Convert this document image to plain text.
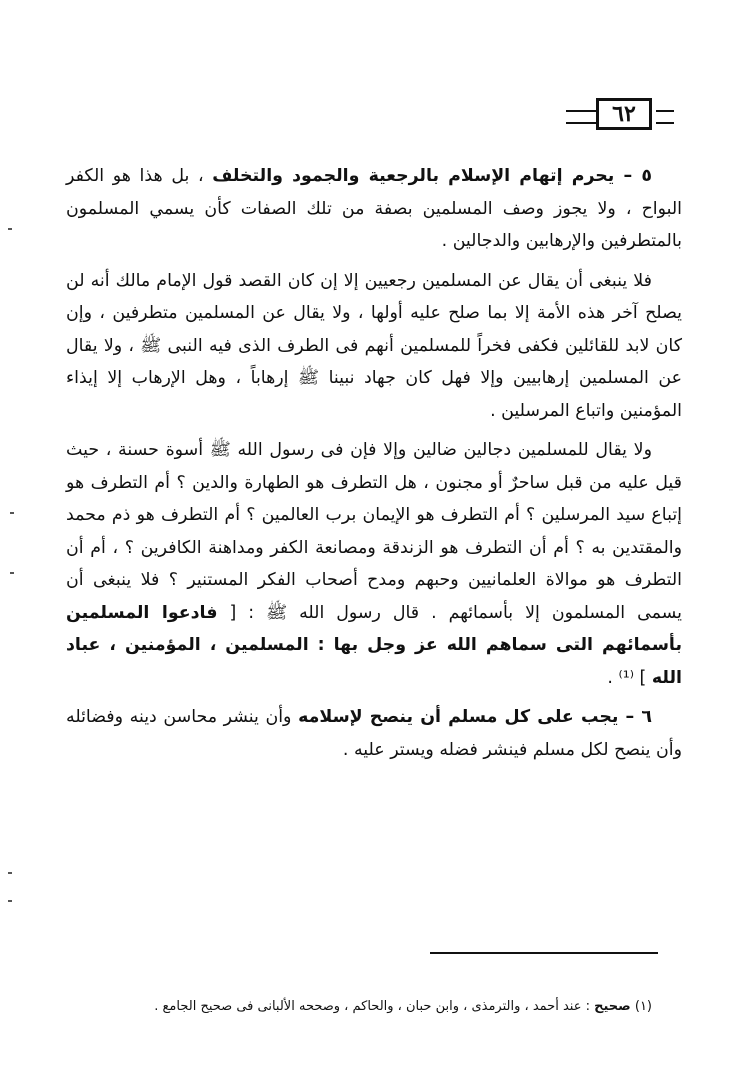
٦٢

٥ – يحرم إتهام الإسلام بالرجعية والجمود والتخلف ، بل هذا هو الكفر البواح ، ولا يجوز وصف المسلمين بصفة من تلك الصفات كأن يسمي المسلمون بالمتطرفين والإرهابين والدجالين .

فلا ينبغى أن يقال عن المسلمين رجعيين إلا إن كان القصد قول الإمام مالك أنه لن يصلح آخر هذه الأمة إلا بما صلح عليه أولها ، ولا يقال عن المسلمين متطرفين ، وإن كان لابد للقائلين فكفى فخراً للمسلمين أنهم فى الطرف الذى فيه النبى ﷺ ، ولا يقال عن المسلمين إرهابيين وإلا فهل كان جهاد نبينا ﷺ إرهاباً ، وهل الإرهاب إلا إيذاء المؤمنين واتباع المرسلين .

ولا يقال للمسلمين دجالين ضالين وإلا فإن فى رسول الله ﷺ أسوة حسنة ، حيث قيل عليه من قبل ساحرٌ أو مجنون ، هل التطرف هو الطهارة والدين ؟ أم التطرف هو إتباع سيد المرسلين ؟ أم التطرف هو الإيمان برب العالمين ؟ أم التطرف هو ذم محمد والمقتدين به ؟ أم أن التطرف هو الزندقة ومصانعة الكفر ومداهنة الكافرين ؟ ، أم أن التطرف هو موالاة العلمانيين وحبهم ومدح أصحاب الفكر المستنير ؟ فلا ينبغى أن يسمى المسلمون إلا بأسمائهم . قال رسول الله ﷺ : [ فادعوا المسلمين بأسمائهم التى سماهم الله عز وجل بها : المسلمين ، المؤمنين ، عباد الله ] ⁽¹⁾ .

٦ – يجب على كل مسلم أن ينصح لإسلامه وأن ينشر محاسن دينه وفضائله وأن ينصح لكل مسلم فينشر فضله ويستر عليه .

(١) صحيح : عند أحمد ، والترمذى ، وابن حبان ، والحاكم ، وصححه الألبانى فى صحيح الجامع .
